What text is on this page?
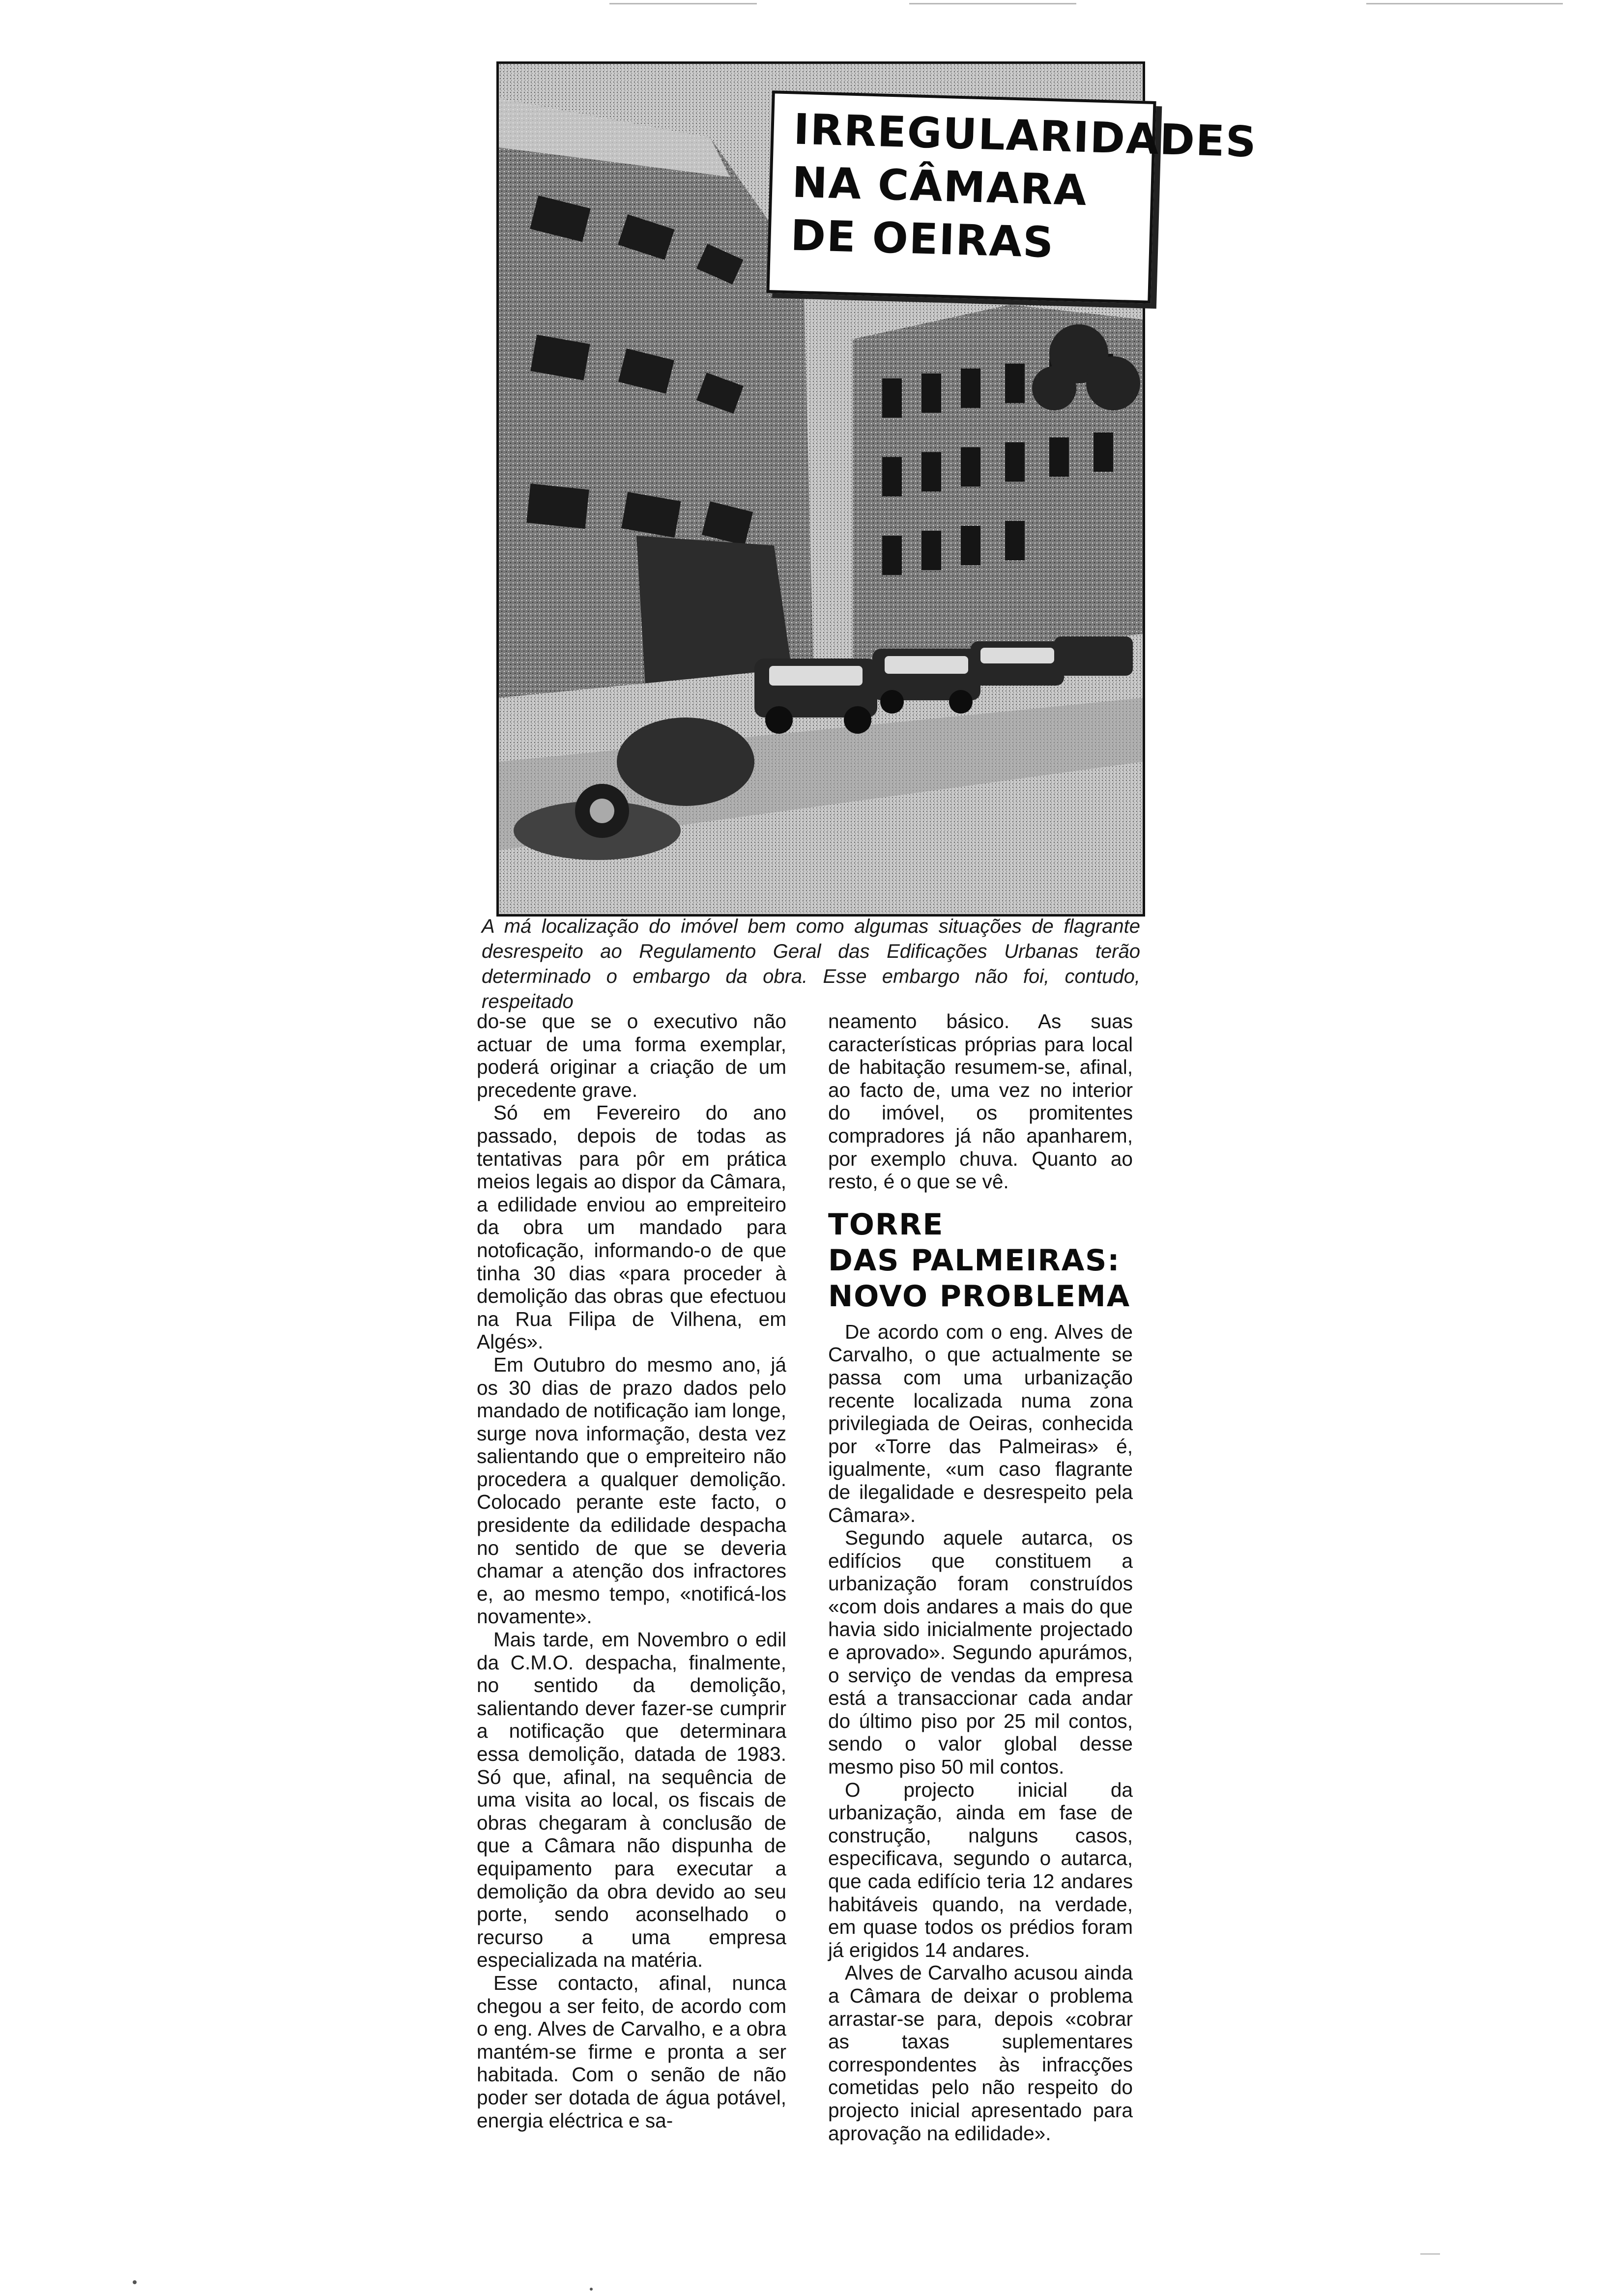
IRREGULARIDADES
NA CÂMARA
DE OEIRAS

A má localização do imóvel bem como algumas situações de flagrante desrespeito ao Regulamento Geral das Edificações Urbanas terão determinado o embargo da obra. Esse embargo não foi, contudo, respeitado

do-se que se o executivo não actuar de uma forma exemplar, poderá originar a criação de um precedente grave.

Só em Fevereiro do ano passado, depois de todas as tentativas para pôr em prática meios legais ao dispor da Câmara, a edilidade enviou ao empreiteiro da obra um mandado para notoficação, informando-o de que tinha 30 dias «para proceder à demolição das obras que efectuou na Rua Filipa de Vilhena, em Algés».

Em Outubro do mesmo ano, já os 30 dias de prazo dados pelo mandado de notificação iam longe, surge nova informação, desta vez salientando que o empreiteiro não procedera a qualquer demolição. Colocado perante este facto, o presidente da edilidade despacha no sentido de que se deveria chamar a atenção dos infractores e, ao mesmo tempo, «notificá-los novamente».

Mais tarde, em Novembro o edil da C.M.O. despacha, finalmente, no sentido da demolição, salientando dever fazer-se cumprir a notificação que determinara essa demolição, datada de 1983. Só que, afinal, na sequência de uma visita ao local, os fiscais de obras chegaram à conclusão de que a Câmara não dispunha de equipamento para executar a demolição da obra devido ao seu porte, sendo aconselhado o recurso a uma empresa especializada na matéria.

Esse contacto, afinal, nunca chegou a ser feito, de acordo com o eng. Alves de Carvalho, e a obra mantém-se firme e pronta a ser habitada. Com o senão de não poder ser dotada de água potável, energia eléctrica e sa-

neamento básico. As suas características próprias para local de habitação resumem-se, afinal, ao facto de, uma vez no interior do imóvel, os promitentes compradores já não apanharem, por exemplo chuva. Quanto ao resto, é o que se vê.

TORRE
DAS PALMEIRAS:
NOVO PROBLEMA

De acordo com o eng. Alves de Carvalho, o que actualmente se passa com uma urbanização recente localizada numa zona privilegiada de Oeiras, conhecida por «Torre das Palmeiras» é, igualmente, «um caso flagrante de ilegalidade e desrespeito pela Câmara».

Segundo aquele autarca, os edifícios que constituem a urbanização foram construídos «com dois andares a mais do que havia sido inicialmente projectado e aprovado». Segundo apurámos, o serviço de vendas da empresa está a transaccionar cada andar do último piso por 25 mil contos, sendo o valor global desse mesmo piso 50 mil contos.

O projecto inicial da urbanização, ainda em fase de construção, nalguns casos, especificava, segundo o autarca, que cada edifício teria 12 andares habitáveis quando, na verdade, em quase todos os prédios foram já erigidos 14 andares.

Alves de Carvalho acusou ainda a Câmara de deixar o problema arrastar-se para, depois «cobrar as taxas suplementares correspondentes às infracções cometidas pelo não respeito do projecto inicial apresentado para aprovação na edilidade».
